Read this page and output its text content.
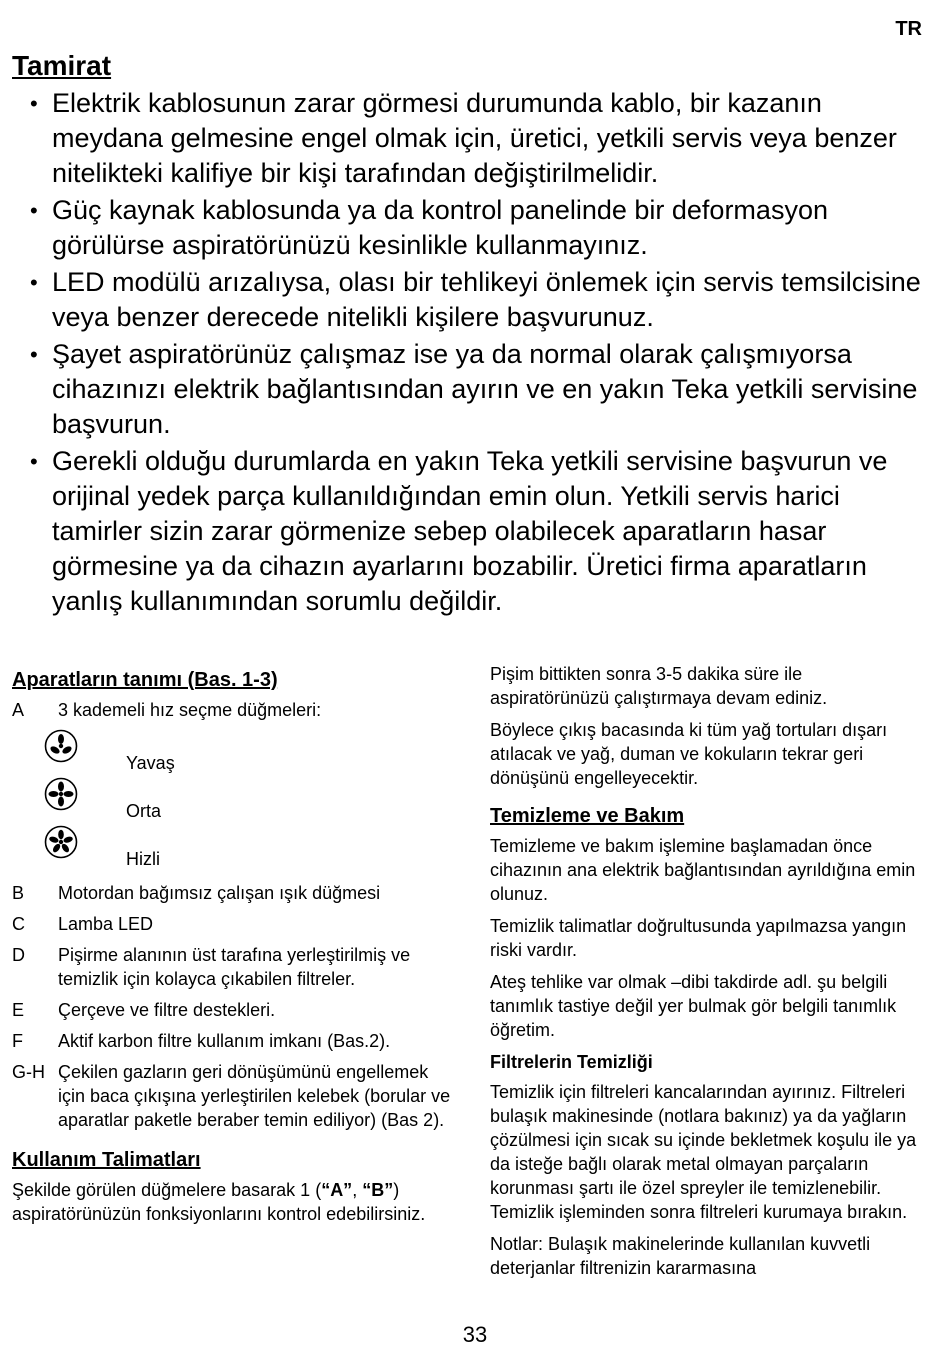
TR
Tamirat
• Elektrik kablosunun zarar görmesi durumunda kablo, bir kazanın meydana gelmesine engel olmak için, üretici, yetkili servis veya benzer nitelikteki kalifiye bir kişi tarafından değiştirilmelidir.
• Güç kaynak kablosunda ya da kontrol panelinde bir deformasyon görülürse aspiratörünüzü kesinlikle kullanmayınız.
• LED modülü arızalıysa, olası bir tehlikeyi önlemek için servis temsilcisine veya benzer derecede nitelikli kişilere başvurunuz.
• Şayet aspiratörünüz çalışmaz ise ya da normal olarak çalışmıyorsa cihazınızı elektrik bağlantısından ayırın ve en yakın Teka yetkili servisine başvurun.
• Gerekli olduğu durumlarda en yakın Teka yetkili servisine başvurun ve orijinal yedek parça kullanıldığından emin olun. Yetkili servis harici tamirler sizin zarar görmenize sebep olabilecek aparatların hasar görmesine ya da cihazın ayarlarını bozabilir. Üretici firma aparatların yanlış kullanımından sorumlu değildir.
Aparatların tanımı (Bas. 1-3)
A	3 kademeli hız seçme düğmeleri:
Yavaş
Orta
Hizli
B	Motordan bağımsız çalışan ışık düğmesi
C	Lamba LED
D	Pişirme alanının üst tarafına yerleştirilmiş ve temizlik için kolayca çıkabilen filtreler.
E	Çerçeve ve filtre destekleri.
F	Aktif karbon filtre kullanım imkanı (Bas.2).
G-H Çekilen gazların geri dönüşümünü engellemek için baca çıkışına yerleştirilen kelebek (borular ve aparatlar paketle beraber temin ediliyor) (Bas 2).
Kullanım Talimatları

Şekilde görülen düğmelere basarak 1 (“A”, “B”) aspiratörünüzün fonksiyonlarını kontrol edebilirsiniz.

Pişim bittikten sonra 3-5 dakika süre ile aspiratörünüzü çalıştırmaya devam ediniz.

Böylece çıkış bacasında ki tüm yağ tortuları dışarı atılacak ve yağ, duman ve kokuların tekrar geri dönüşünü engelleyecektir.

Temizleme ve Bakım

Temizleme ve bakım işlemine başlamadan önce cihazının ana elektrik bağlantısından ayrıldığına emin olunuz.

Temizlik talimatlar doğrultusunda yapılmazsa yangın riski vardır.

Ateş tehlike var olmak –dibi takdirde adl. şu belgili tanımlık tastiye değil yer bulmak gör belgili tanımlık öğretim.

Filtrelerin Temizliği

Temizlik için filtreleri kancalarından ayırınız. Filtreleri bulaşık makinesinde (notlara bakınız) ya da yağların çözülmesi için sıcak su içinde bekletmek koşulu ile ya da isteğe bağlı olarak metal olmayan parçaların korunması şartı ile özel spreyler ile temizlenebilir. Temizlik işleminden sonra filtreleri kurumaya bırakın.

Notlar: Bulaşık makinelerinde kullanılan kuvvetli deterjanlar filtrenizin kararmasına

33
